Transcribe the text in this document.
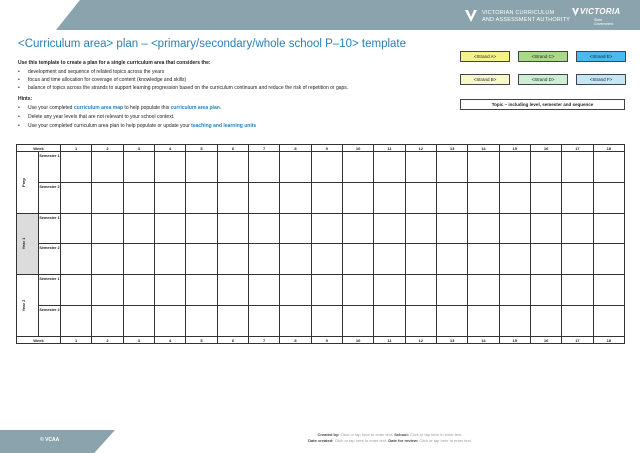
2.0
VICTORIAN CURRICULUM
AND ASSESSMENT AUTHORITY
VICTORIA
State
Government
<Curriculum area> plan – <primary/secondary/whole school P–10> template
Use this template to create a plan for a single curriculum area that considers the:
• development and sequence of related topics across the years
• focus and time allocation for coverage of content (knowledge and skills)
• balance of topics across the strands to support learning progression based on the curriculum continuum and reduce the risk of repetition or gaps.
Hints:
• Use your completed curriculum area map to help populate this curriculum area plan.
• Delete any year levels that are not relevant to your school context.
• Use your completed curriculum area plan to help populate or update your teaching and learning units
<Strand A>	<Strand C>	<Strand E>
<Strand B>	<Strand D>	<Strand F>
Topic – including level, semester and sequence
Week		1	2	3	4	5	6	7	8	9	10	11	12	13	14	15	16	17	18

Prep	Semester 1																		
	Semester 2																		

Year 1	Semester 1																		
	Semester 2																		

Year 2	Semester 1																		
	Semester 2																		
Week		1	2	3	4	5	6	7	8	9	10	11	12	13	14	15	16	17	18
© VCAA
Created by: Click or tap here to enter text. School: Click or tap here to enter text.
Date created: Click or tap here to enter text. Date for review: Click or tap here to enter text.
